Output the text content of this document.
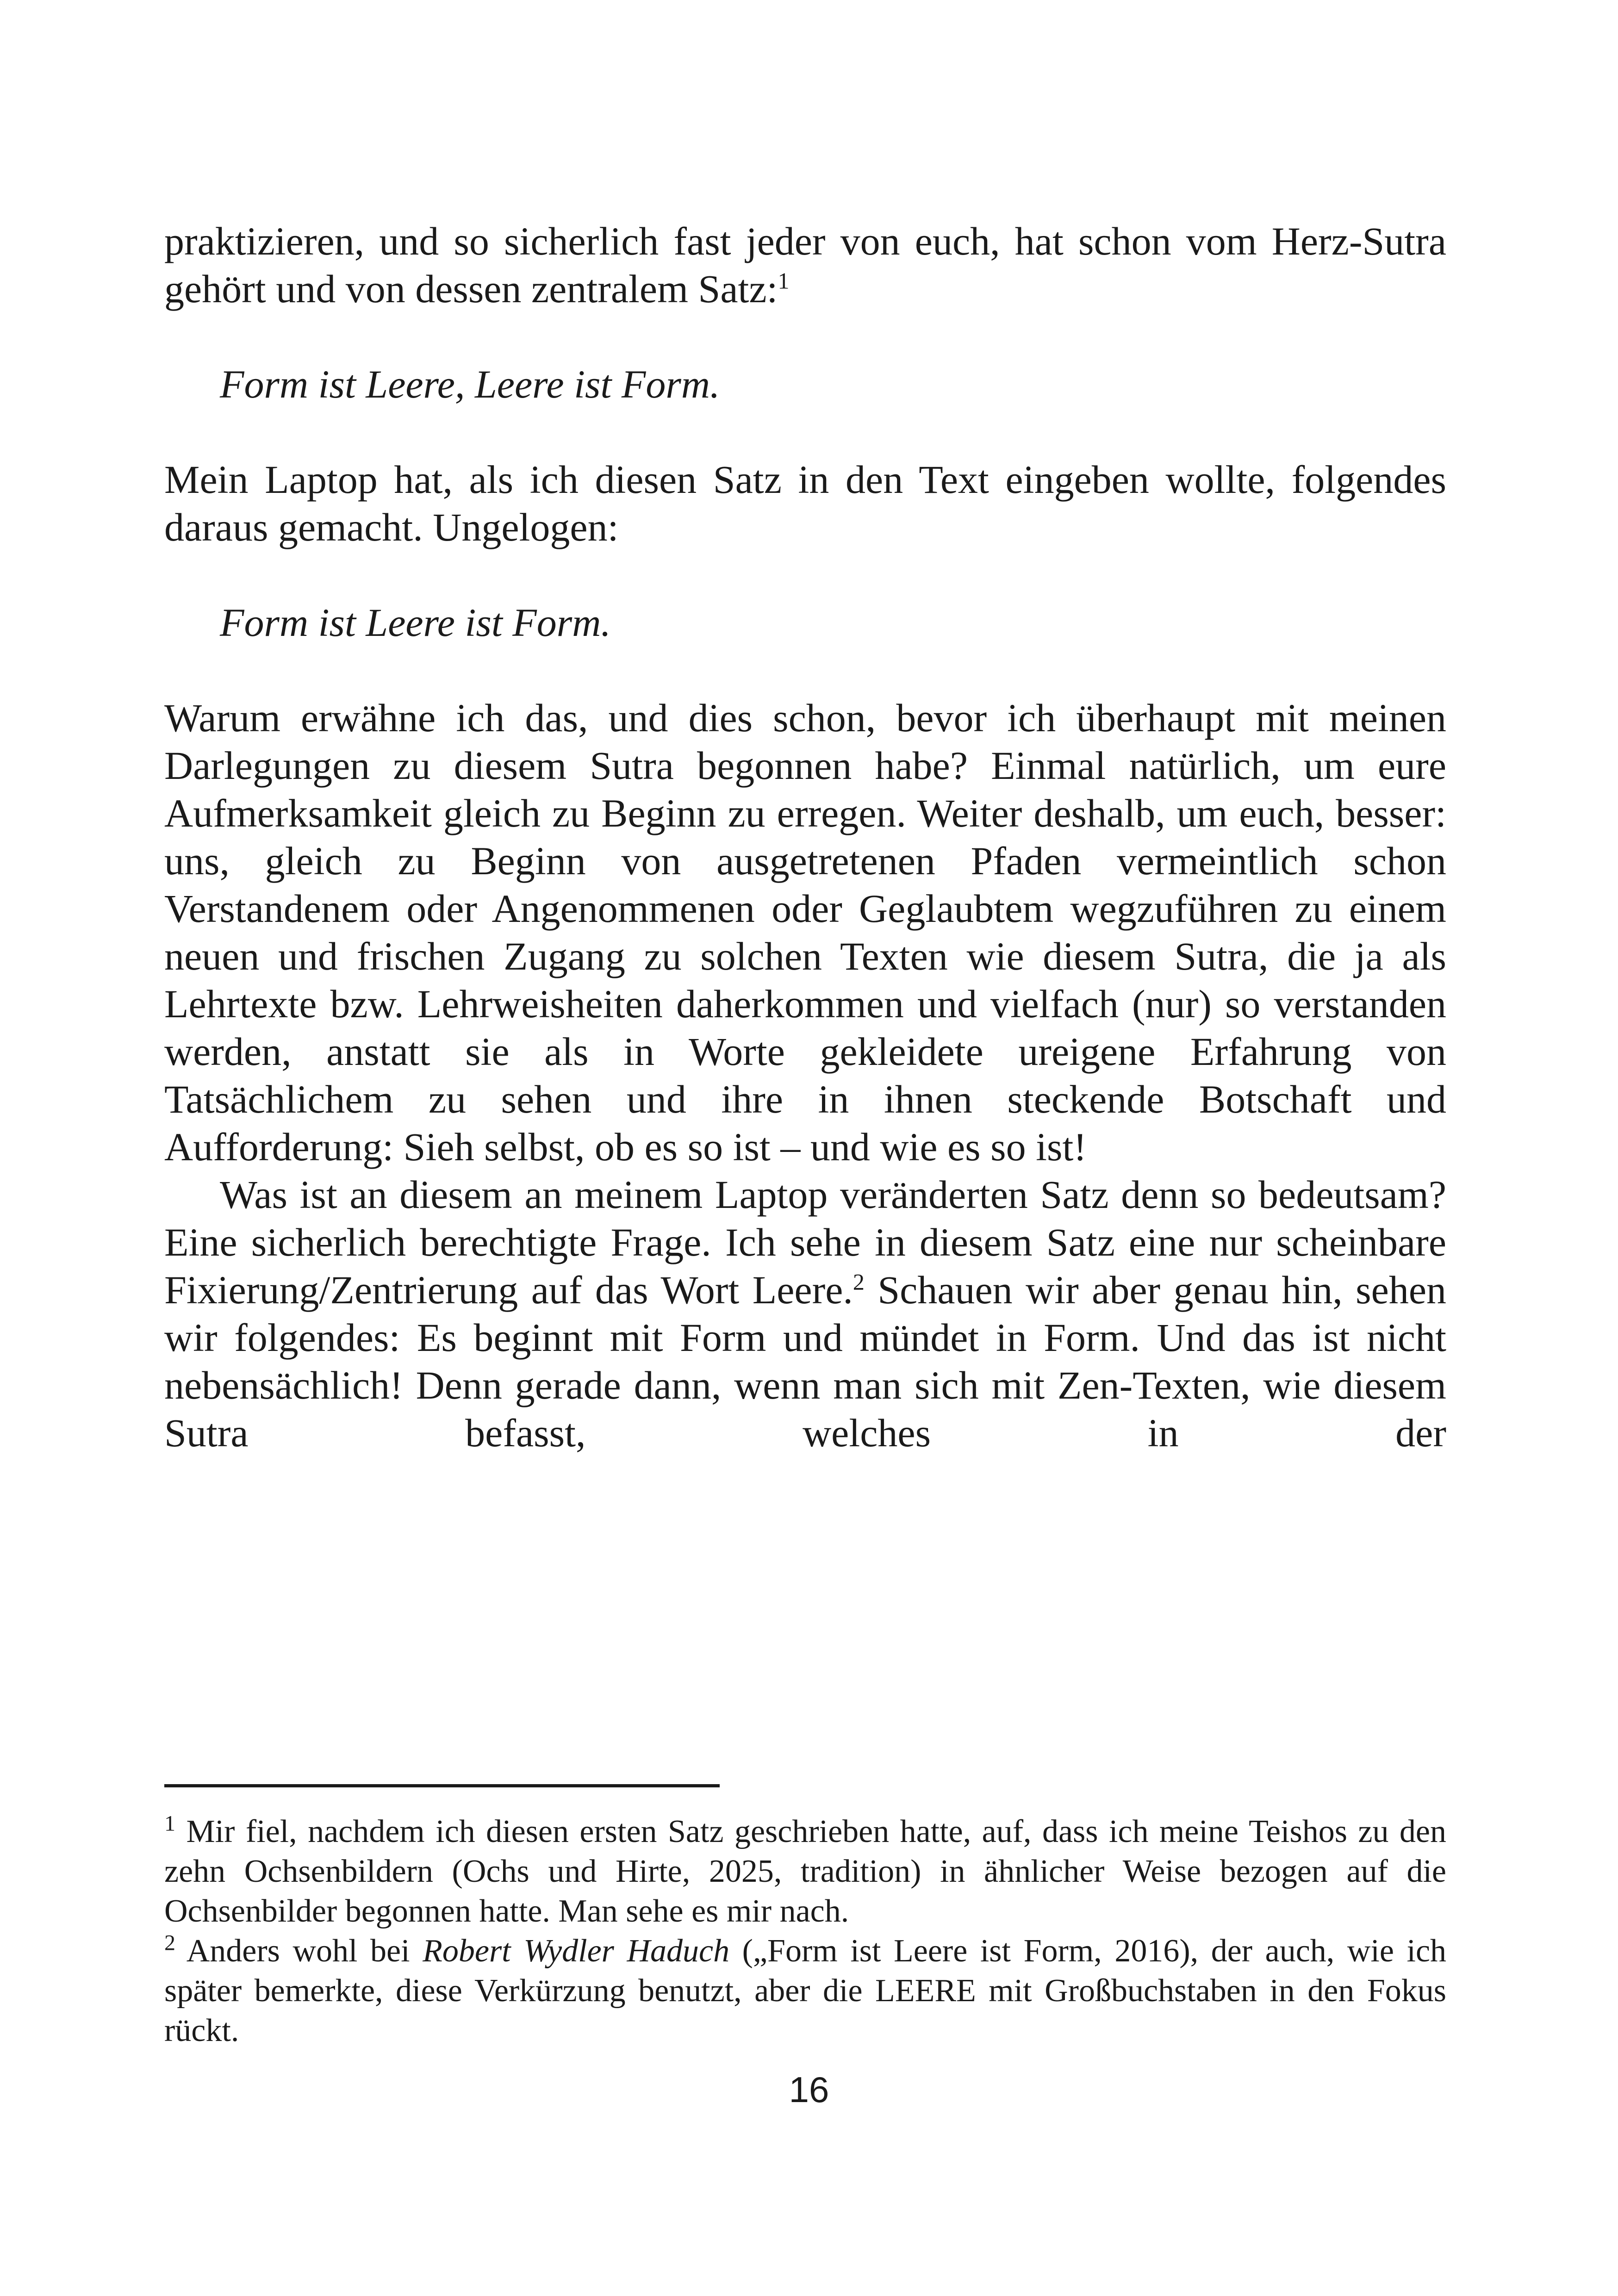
praktizieren, und so sicherlich fast jeder von euch, hat schon vom Herz-Sutra gehört und von dessen zentralem Satz:$^1$

Form ist Leere, Leere ist Form.

Mein Laptop hat, als ich diesen Satz in den Text eingeben wollte, folgendes daraus gemacht. Ungelogen:

Form ist Leere ist Form.

Warum erwähne ich das, und dies schon, bevor ich überhaupt mit meinen Darlegungen zu diesem Sutra begonnen habe? Einmal natürlich, um eure Aufmerksamkeit gleich zu Beginn zu erregen. Weiter deshalb, um euch, besser: uns, gleich zu Beginn von ausgetretenen Pfaden vermeintlich schon Verstandenem oder Angenommenen oder Geglaubtem wegzuführen zu einem neuen und frischen Zugang zu solchen Texten wie diesem Sutra, die ja als Lehrtexte bzw. Lehrweisheiten daherkommen und vielfach (nur) so verstanden werden, anstatt sie als in Worte gekleidete ureigene Erfahrung von Tatsächlichem zu sehen und ihre in ihnen steckende Botschaft und Aufforderung: Sieh selbst, ob es so ist – und wie es so ist!

Was ist an diesem an meinem Laptop veränderten Satz denn so bedeutsam? Eine sicherlich berechtigte Frage. Ich sehe in diesem Satz eine nur scheinbare Fixierung/Zentrierung auf das Wort Leere.$^2$ Schauen wir aber genau hin, sehen wir folgendes: Es beginnt mit Form und mündet in Form. Und das ist nicht nebensächlich! Denn gerade dann, wenn man sich mit Zen-Texten, wie diesem Sutra befasst, welches in der

$^1$ Mir fiel, nachdem ich diesen ersten Satz geschrieben hatte, auf, dass ich meine Teishos zu den zehn Ochsenbildern (Ochs und Hirte, 2025, tradition) in ähnlicher Weise bezogen auf die Ochsenbilder begonnen hatte. Man sehe es mir nach.

$^2$ Anders wohl bei Robert Wydler Haduch („Form ist Leere ist Form, 2016), der auch, wie ich später bemerkte, diese Verkürzung benutzt, aber die LEERE mit Großbuchstaben in den Fokus rückt.

16
